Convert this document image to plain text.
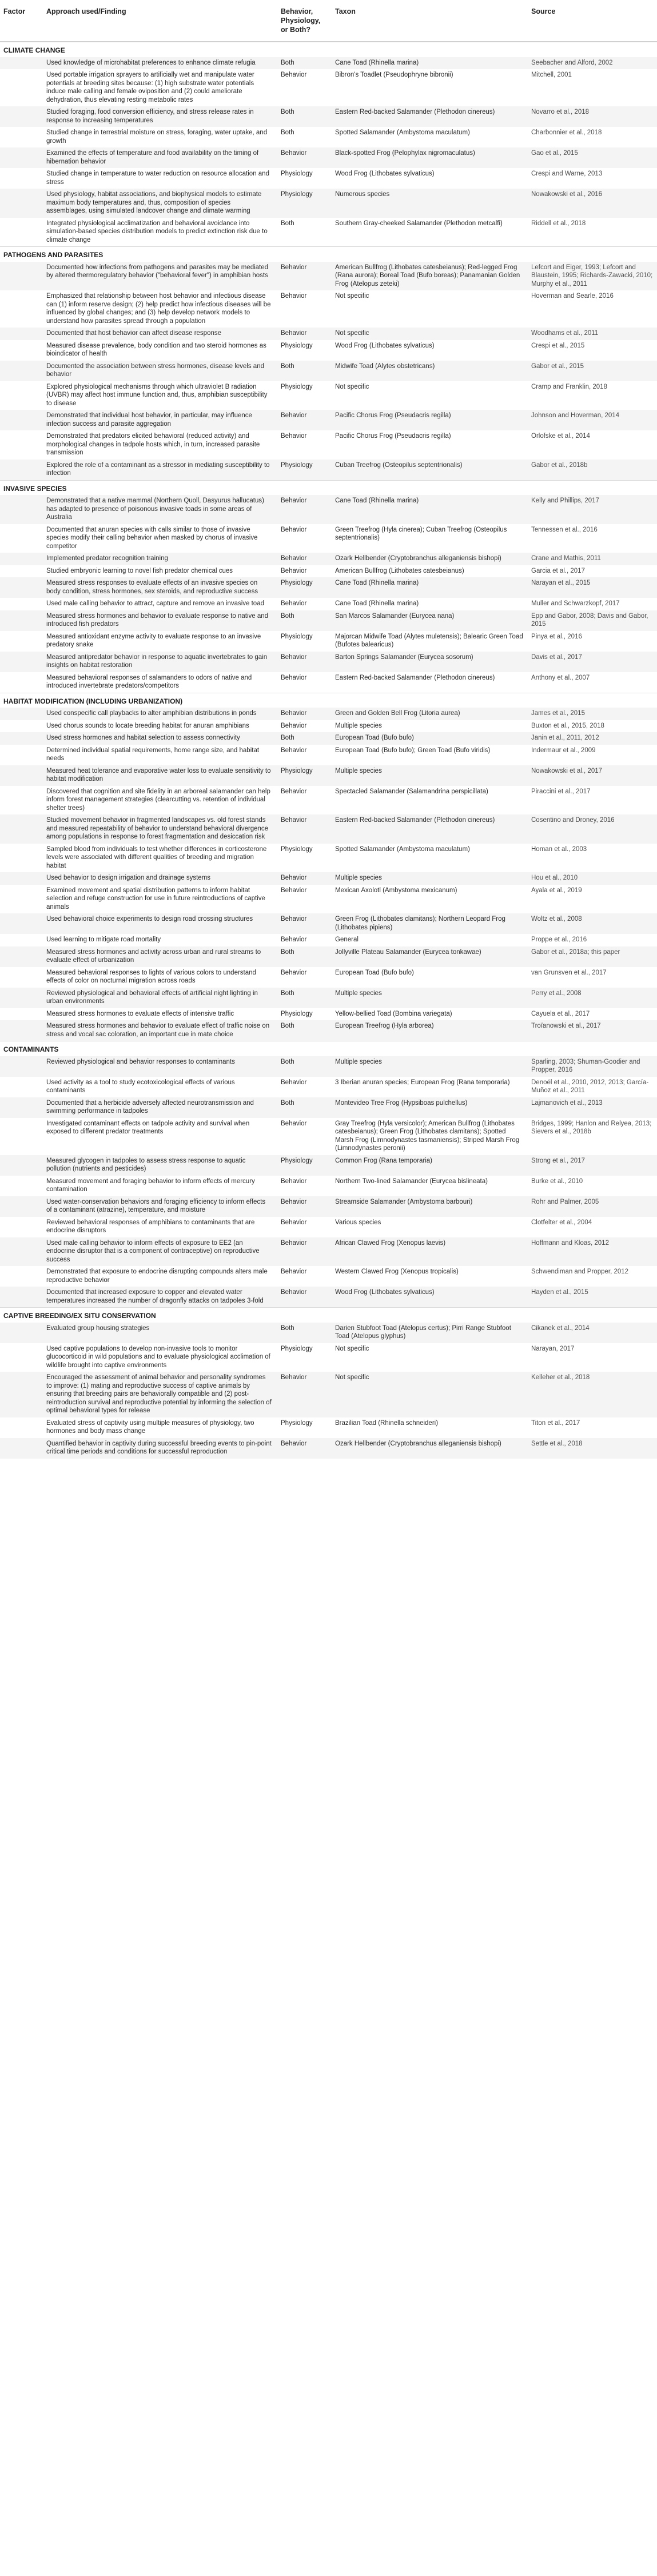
Factor	Approach used/Finding	Behavior, Physiology, or Both?	Taxon	Source
CLIMATE CHANGE				
	Used knowledge of microhabitat preferences to enhance climate refugia	Both	Cane Toad (Rhinella marina)	Seebacher and Alford, 2002
	Used portable irrigation sprayers to artificially wet and manipulate water potentials at breeding sites because: (1) high substrate water potentials induce male calling and female oviposition and (2) could ameliorate dehydration, thus elevating resting metabolic rates	Behavior	Bibron's Toadlet (Pseudophryne bibronii)	Mitchell, 2001
	Studied foraging, food conversion efficiency, and stress release rates in response to increasing temperatures	Both	Eastern Red-backed Salamander (Plethodon cinereus)	Novarro et al., 2018
	Studied change in terrestrial moisture on stress, foraging, water uptake, and growth	Both	Spotted Salamander (Ambystoma maculatum)	Charbonnier et al., 2018
	Examined the effects of temperature and food availability on the timing of hibernation behavior	Behavior	Black-spotted Frog (Pelophylax nigromaculatus)	Gao et al., 2015
	Studied change in temperature to water reduction on resource allocation and stress	Physiology	Wood Frog (Lithobates sylvaticus)	Crespi and Warne, 2013
	Used physiology, habitat associations, and biophysical models to estimate maximum body temperatures and, thus, composition of species assemblages, using simulated landcover change and climate warming	Physiology	Numerous species	Nowakowski et al., 2016
	Integrated physiological acclimatization and behavioral avoidance into simulation-based species distribution models to predict extinction risk due to climate change	Both	Southern Gray-cheeked Salamander (Plethodon metcalfi)	Riddell et al., 2018
PATHOGENS AND PARASITES				
	Documented how infections from pathogens and parasites may be mediated by altered thermoregulatory behavior ("behavioral fever") in amphibian hosts	Behavior	American Bullfrog (Lithobates catesbeianus); Red-legged Frog (Rana aurora); Boreal Toad (Bufo boreas); Panamanian Golden Frog (Atelopus zeteki)	Lefcort and Eiger, 1993; Lefcort and Blaustein, 1995; Richards-Zawacki, 2010; Murphy et al., 2011
	Emphasized that relationship between host behavior and infectious disease can (1) inform reserve design; (2) help predict how infectious diseases will be influenced by global changes; and (3) help develop network models to understand how parasites spread through a population	Behavior	Not specific	Hoverman and Searle, 2016
	Documented that host behavior can affect disease response	Behavior	Not specific	Woodhams et al., 2011
	Measured disease prevalence, body condition and two steroid hormones as bioindicator of health	Physiology	Wood Frog (Lithobates sylvaticus)	Crespi et al., 2015
	Documented the association between stress hormones, disease levels and behavior	Both	Midwife Toad (Alytes obstetricans)	Gabor et al., 2015
	Explored physiological mechanisms through which ultraviolet B radiation (UVBR) may affect host immune function and, thus, amphibian susceptibility to disease	Physiology	Not specific	Cramp and Franklin, 2018
	Demonstrated that individual host behavior, in particular, may influence infection success and parasite aggregation	Behavior	Pacific Chorus Frog (Pseudacris regilla)	Johnson and Hoverman, 2014
	Demonstrated that predators elicited behavioral (reduced activity) and morphological changes in tadpole hosts which, in turn, increased parasite transmission	Behavior	Pacific Chorus Frog (Pseudacris regilla)	Orlofske et al., 2014
	Explored the role of a contaminant as a stressor in mediating susceptibility to infection	Physiology	Cuban Treefrog (Osteopilus septentrionalis)	Gabor et al., 2018b
INVASIVE SPECIES				
	Demonstrated that a native mammal (Northern Quoll, Dasyurus hallucatus) has adapted to presence of poisonous invasive toads in some areas of Australia	Behavior	Cane Toad (Rhinella marina)	Kelly and Phillips, 2017
	Documented that anuran species with calls similar to those of invasive species modify their calling behavior when masked by chorus of invasive competitor	Behavior	Green Treefrog (Hyla cinerea); Cuban Treefrog (Osteopilus septentrionalis)	Tennessen et al., 2016
	Implemented predator recognition training	Behavior	Ozark Hellbender (Cryptobranchus alleganiensis bishopi)	Crane and Mathis, 2011
	Studied embryonic learning to novel fish predator chemical cues	Behavior	American Bullfrog (Lithobates catesbeianus)	Garcia et al., 2017
	Measured stress responses to evaluate effects of an invasive species on body condition, stress hormones, sex steroids, and reproductive success	Physiology	Cane Toad (Rhinella marina)	Narayan et al., 2015
	Used male calling behavior to attract, capture and remove an invasive toad	Behavior	Cane Toad (Rhinella marina)	Muller and Schwarzkopf, 2017
	Measured stress hormones and behavior to evaluate response to native and introduced fish predators	Both	San Marcos Salamander (Eurycea nana)	Epp and Gabor, 2008; Davis and Gabor, 2015
	Measured antioxidant enzyme activity to evaluate response to an invasive predatory snake	Physiology	Majorcan Midwife Toad (Alytes muletensis); Balearic Green Toad (Bufotes balearicus)	Pinya et al., 2016
	Measured antipredator behavior in response to aquatic invertebrates to gain insights on habitat restoration	Behavior	Barton Springs Salamander (Eurycea sosorum)	Davis et al., 2017
	Measured behavioral responses of salamanders to odors of native and introduced invertebrate predators/competitors	Behavior	Eastern Red-backed Salamander (Plethodon cinereus)	Anthony et al., 2007
HABITAT MODIFICATION (INCLUDING URBANIZATION)				
	Used conspecific call playbacks to alter amphibian distributions in ponds	Behavior	Green and Golden Bell Frog (Litoria aurea)	James et al., 2015
	Used chorus sounds to locate breeding habitat for anuran amphibians	Behavior	Multiple species	Buxton et al., 2015, 2018
	Used stress hormones and habitat selection to assess connectivity	Both	European Toad (Bufo bufo)	Janin et al., 2011, 2012
	Determined individual spatial requirements, home range size, and habitat needs	Behavior	European Toad (Bufo bufo); Green Toad (Bufo viridis)	Indermaur et al., 2009
	Measured heat tolerance and evaporative water loss to evaluate sensitivity to habitat modification	Physiology	Multiple species	Nowakowski et al., 2017
	Discovered that cognition and site fidelity in an arboreal salamander can help inform forest management strategies (clearcutting vs. retention of individual shelter trees)	Behavior	Spectacled Salamander (Salamandrina perspicillata)	Piraccini et al., 2017
	Studied movement behavior in fragmented landscapes vs. old forest stands and measured repeatability of behavior to understand behavioral divergence among populations in response to forest fragmentation and desiccation risk	Behavior	Eastern Red-backed Salamander (Plethodon cinereus)	Cosentino and Droney, 2016
	Sampled blood from individuals to test whether differences in corticosterone levels were associated with different qualities of breeding and migration habitat	Physiology	Spotted Salamander (Ambystoma maculatum)	Homan et al., 2003
	Used behavior to design irrigation and drainage systems	Behavior	Multiple species	Hou et al., 2010
	Examined movement and spatial distribution patterns to inform habitat selection and refuge construction for use in future reintroductions of captive animals	Behavior	Mexican Axolotl (Ambystoma mexicanum)	Ayala et al., 2019
	Used behavioral choice experiments to design road crossing structures	Behavior	Green Frog (Lithobates clamitans); Northern Leopard Frog (Lithobates pipiens)	Woltz et al., 2008
	Used learning to mitigate road mortality	Behavior	General	Proppe et al., 2016
	Measured stress hormones and activity across urban and rural streams to evaluate effect of urbanization	Both	Jollyville Plateau Salamander (Eurycea tonkawae)	Gabor et al., 2018a; this paper
	Measured behavioral responses to lights of various colors to understand effects of color on nocturnal migration across roads	Behavior	European Toad (Bufo bufo)	van Grunsven et al., 2017
	Reviewed physiological and behavioral effects of artificial night lighting in urban environments	Both	Multiple species	Perry et al., 2008
	Measured stress hormones to evaluate effects of intensive traffic	Physiology	Yellow-bellied Toad (Bombina variegata)	Cayuela et al., 2017
	Measured stress hormones and behavior to evaluate effect of traffic noise on stress and vocal sac coloration, an important cue in mate choice	Both	European Treefrog (Hyla arborea)	Troïanowski et al., 2017
CONTAMINANTS				
	Reviewed physiological and behavior responses to contaminants	Both	Multiple species	Sparling, 2003; Shuman-Goodier and Propper, 2016
	Used activity as a tool to study ecotoxicological effects of various contaminants	Behavior	3 Iberian anuran species; European Frog (Rana temporaria)	Denoël et al., 2010, 2012, 2013; García-Muñoz et al., 2011
	Documented that a herbicide adversely affected neurotransmission and swimming performance in tadpoles	Both	Montevideo Tree Frog (Hypsiboas pulchellus)	Lajmanovich et al., 2013
	Investigated contaminant effects on tadpole activity and survival when exposed to different predator treatments	Behavior	Gray Treefrog (Hyla versicolor); American Bullfrog (Lithobates catesbeianus); Green Frog (Lithobates clamitans); Spotted Marsh Frog (Limnodynastes tasmaniensis); Striped Marsh Frog (Limnodynastes peronii)	Bridges, 1999; Hanlon and Relyea, 2013; Sievers et al., 2018b
	Measured glycogen in tadpoles to assess stress response to aquatic pollution (nutrients and pesticides)	Physiology	Common Frog (Rana temporaria)	Strong et al., 2017
	Measured movement and foraging behavior to inform effects of mercury contamination	Behavior	Northern Two-lined Salamander (Eurycea bislineata)	Burke et al., 2010
	Used water-conservation behaviors and foraging efficiency to inform effects of a contaminant (atrazine), temperature, and moisture	Behavior	Streamside Salamander (Ambystoma barbouri)	Rohr and Palmer, 2005
	Reviewed behavioral responses of amphibians to contaminants that are endocrine disruptors	Behavior	Various species	Clotfelter et al., 2004
	Used male calling behavior to inform effects of exposure to EE2 (an endocrine disruptor that is a component of contraceptive) on reproductive success	Behavior	African Clawed Frog (Xenopus laevis)	Hoffmann and Kloas, 2012
	Demonstrated that exposure to endocrine disrupting compounds alters male reproductive behavior	Behavior	Western Clawed Frog (Xenopus tropicalis)	Schwendiman and Propper, 2012
	Documented that increased exposure to copper and elevated water temperatures increased the number of dragonfly attacks on tadpoles 3-fold	Behavior	Wood Frog (Lithobates sylvaticus)	Hayden et al., 2015
CAPTIVE BREEDING/EX SITU CONSERVATION				
	Evaluated group housing strategies	Both	Darien Stubfoot Toad (Atelopus certus); Pirri Range Stubfoot Toad (Atelopus glyphus)	Cikanek et al., 2014
	Used captive populations to develop non-invasive tools to monitor glucocorticoid in wild populations and to evaluate physiological acclimation of wildlife brought into captive environments	Physiology	Not specific	Narayan, 2017
	Encouraged the assessment of animal behavior and personality syndromes to improve: (1) mating and reproductive success of captive animals by ensuring that breeding pairs are behaviorally compatible and (2) post-reintroduction survival and reproductive potential by informing the selection of optimal behavioral types for release	Behavior	Not specific	Kelleher et al., 2018
	Evaluated stress of captivity using multiple measures of physiology, two hormones and body mass change	Physiology	Brazilian Toad (Rhinella schneideri)	Titon et al., 2017
	Quantified behavior in captivity during successful breeding events to pin-point critical time periods and conditions for successful reproduction	Behavior	Ozark Hellbender (Cryptobranchus alleganiensis bishopi)	Settle et al., 2018
